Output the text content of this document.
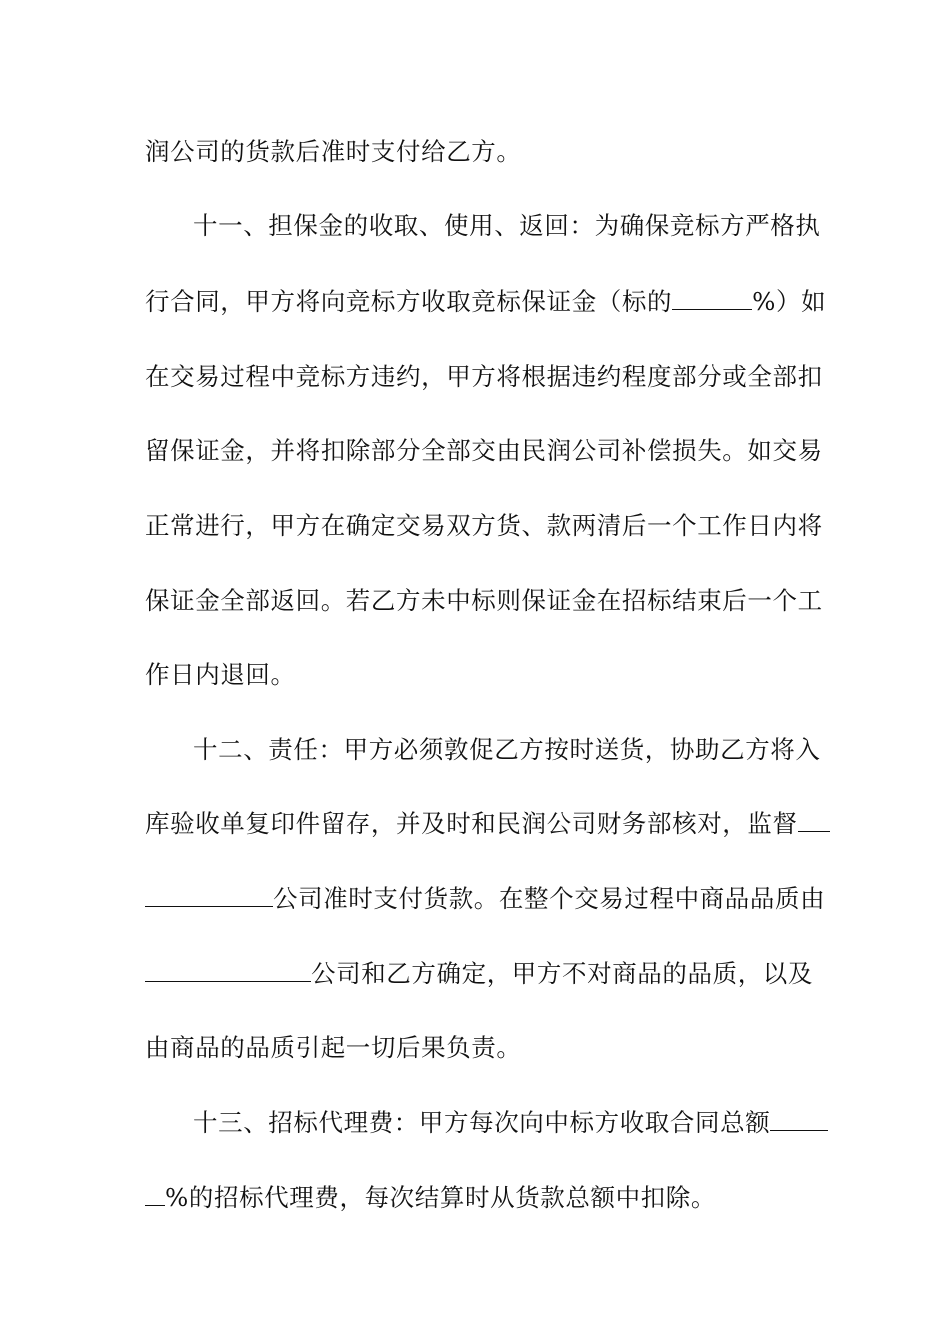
润公司的货款后准时支付给乙方。
十一、担保金的收取、使用、返回：为确保竞标方严格执
行合同，甲方将向竞标方收取竞标保证金（标的	%）如
在交易过程中竞标方违约，甲方将根据违约程度部分或全部扣
留保证金，并将扣除部分全部交由民润公司补偿损失。如交易
正常进行，甲方在确定交易双方货、款两清后一个工作日内将
保证金全部返回。若乙方未中标则保证金在招标结束后一个工
作日内退回。
十二、责任：甲方必须敦促乙方按时送货，协助乙方将入
库验收单复印件留存，并及时和民润公司财务部核对，监督
公司准时支付货款。在整个交易过程中商品品质由
公司和乙方确定，甲方不对商品的品质，以及
由商品的品质引起一切后果负责。
十三、招标代理费：甲方每次向中标方收取合同总额
%的招标代理费，每次结算时从货款总额中扣除。
